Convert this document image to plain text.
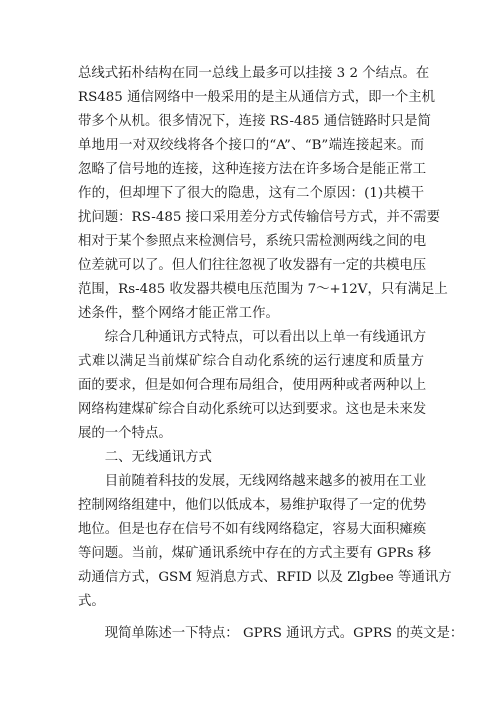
总线式拓朴结构在同一总线上最多可以挂接 3 2 个结点。在
RS485 通信网络中一般采用的是主从通信方式，即一个主机
带多个从机。很多情况下，连接 RS-485 通信链路时只是简
单地用一对双绞线将各个接口的“A”、“B”端连接起来。而
忽略了信号地的连接，这种连接方法在许多场合是能正常工
作的，但却埋下了很大的隐患，这有二个原因：(1)共模干
扰问题：RS-485 接口采用差分方式传输信号方式，并不需要
相对于某个参照点来检测信号，系统只需检测两线之间的电
位差就可以了。但人们往往忽视了收发器有一定的共模电压
范围，Rs-485 收发器共模电压范围为 7～+12V，只有满足上
述条件，整个网络才能正常工作。
　　综合几种通讯方式特点，可以看出以上单一有线通讯方
式难以满足当前煤矿综合自动化系统的运行速度和质量方
面的要求，但是如何合理布局组合，使用两种或者两种以上
网络构建煤矿综合自动化系统可以达到要求。这也是未来发
展的一个特点。
　　二、无线通讯方式
　　目前随着科技的发展，无线网络越来越多的被用在工业
控制网络组建中，他们以低成本，易维护取得了一定的优势
地位。但是也存在信号不如有线网络稳定，容易大面积瘫痪
等问题。当前，煤矿通讯系统中存在的方式主要有 GPRs 移
动通信方式，GSM 短消息方式、RFID 以及 Zlgbee 等通讯方
式。
　　现简单陈述一下特点： GPRS 通讯方式。GPRS 的英文是：
